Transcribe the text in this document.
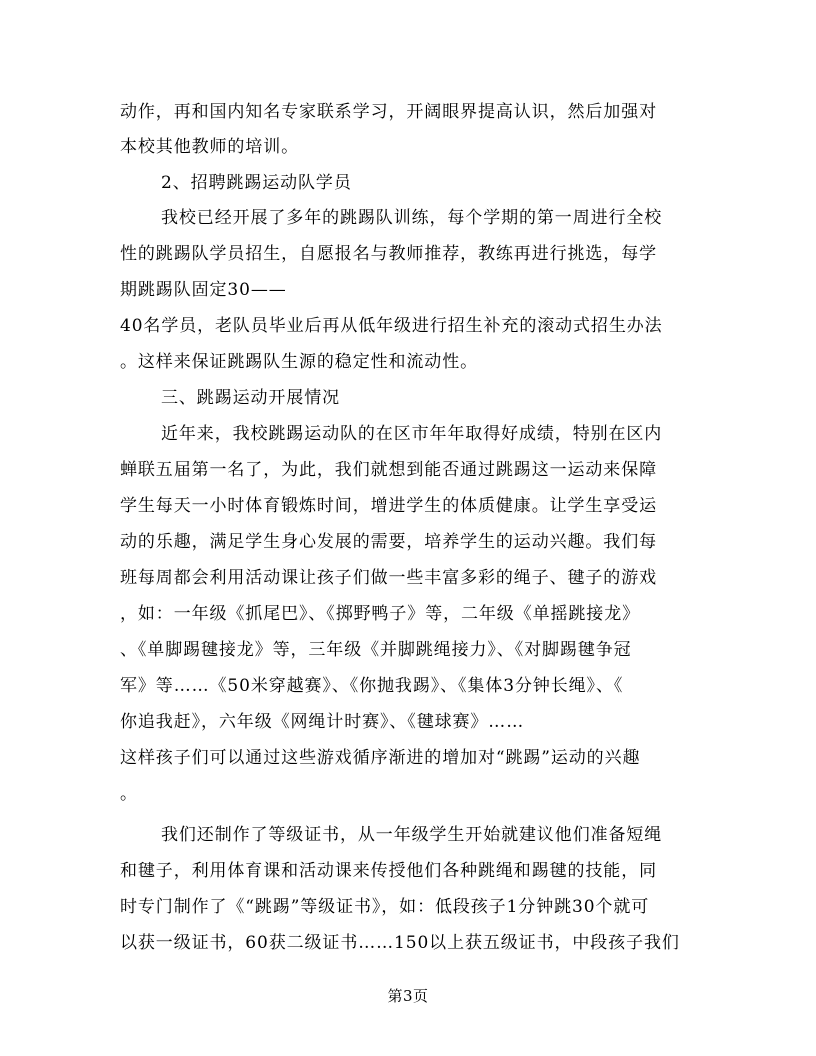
动作，再和国内知名专家联系学习，开阔眼界提高认识，然后加强对
本校其他教师的培训。
2、招聘跳踢运动队学员
我校已经开展了多年的跳踢队训练，每个学期的第一周进行全校
性的跳踢队学员招生，自愿报名与教师推荐，教练再进行挑选，每学
期跳踢队固定30——
40名学员，老队员毕业后再从低年级进行招生补充的滚动式招生办法
。这样来保证跳踢队生源的稳定性和流动性。
三、跳踢运动开展情况
近年来，我校跳踢运动队的在区市年年取得好成绩，特别在区内
蝉联五届第一名了，为此，我们就想到能否通过跳踢这一运动来保障
学生每天一小时体育锻炼时间，增进学生的体质健康。让学生享受运
动的乐趣，满足学生身心发展的需要，培养学生的运动兴趣。我们每
班每周都会利用活动课让孩子们做一些丰富多彩的绳子、毽子的游戏
，如：一年级《抓尾巴》、《掷野鸭子》等，二年级《单摇跳接龙》
、《单脚踢毽接龙》等，三年级《并脚跳绳接力》、《对脚踢毽争冠
军》等……《50米穿越赛》、《你抛我踢》、《集体3分钟长绳》、《
你追我赶》，六年级《网绳计时赛》、《毽球赛》……
这样孩子们可以通过这些游戏循序渐进的增加对“跳踢”运动的兴趣
。
我们还制作了等级证书，从一年级学生开始就建议他们准备短绳
和毽子，利用体育课和活动课来传授他们各种跳绳和踢毽的技能，同
时专门制作了《“跳踢”等级证书》，如：低段孩子1分钟跳30个就可
以获一级证书，60获二级证书……150以上获五级证书，中段孩子我们
第3页
